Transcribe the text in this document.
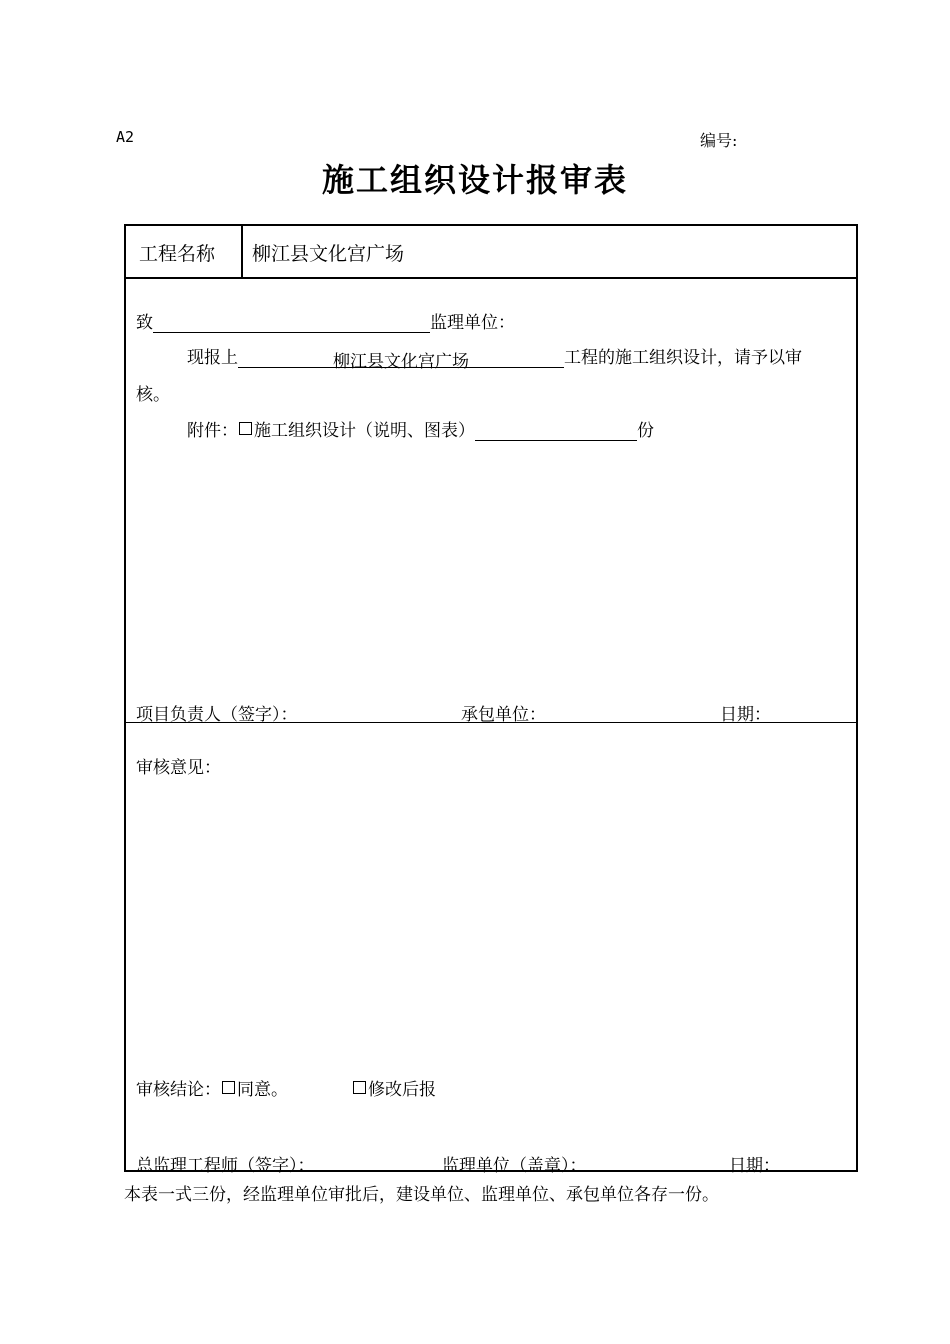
A2	编号:
施工组织设计报审表
工程名称 柳江县文化宫广场
致	监理单位：
现报上	柳江县文化宫广场	工程的施工组织设计，请予以审
核。
附件： 施工组织设计（说明、图表）	份
项目负责人（签字）：	承包单位：	日期：
审核意见：
审核结论： 同意。	修改后报
总监理工程师（签字）：	监理单位（盖章）：	日期：
本表一式三份，经监理单位审批后，建设单位、监理单位、承包单位各存一份。
